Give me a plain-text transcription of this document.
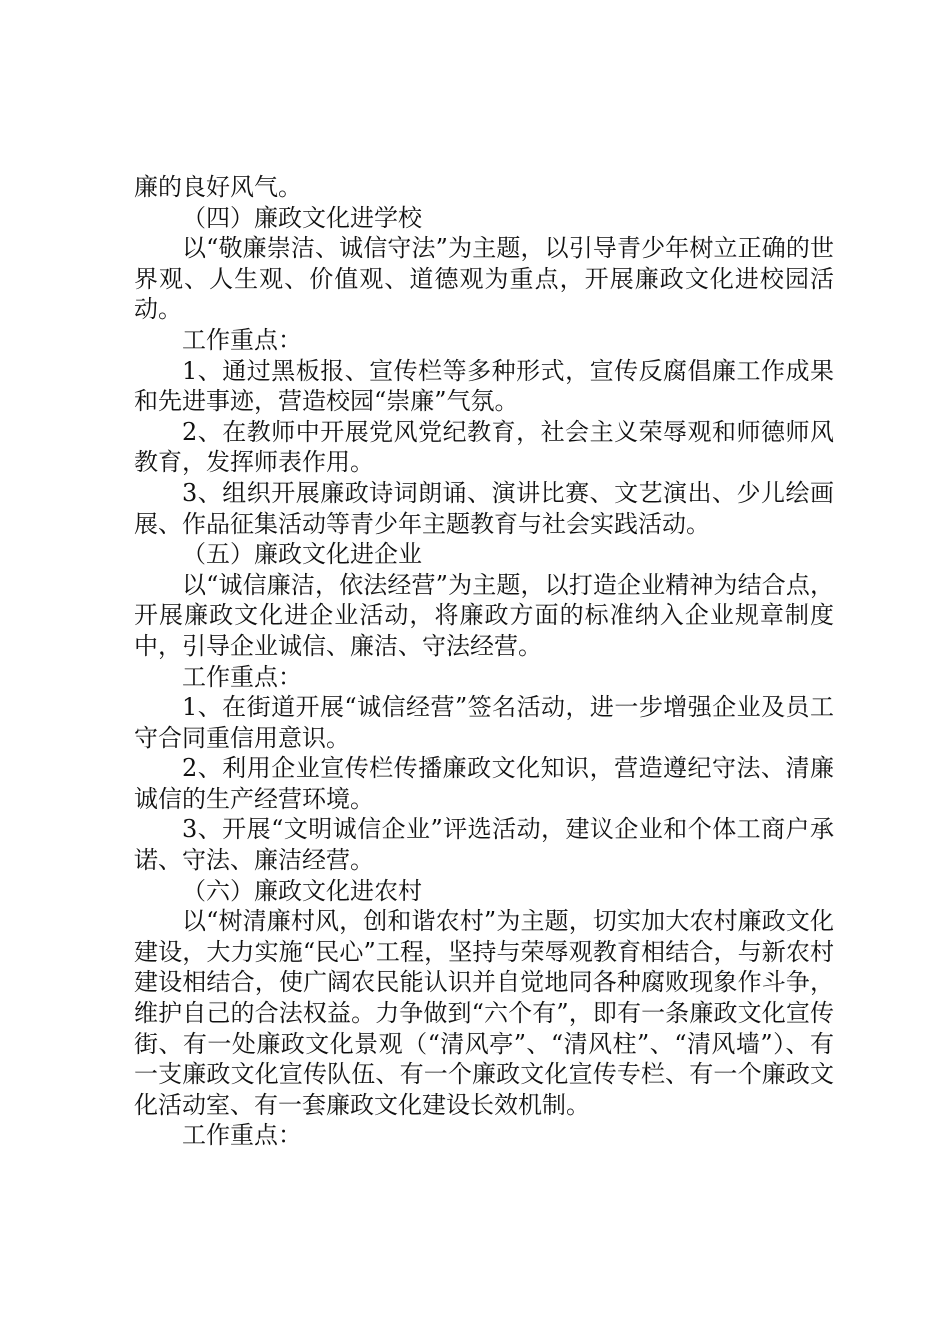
廉的良好风气。

（四）廉政文化进学校

以“敬廉崇洁、诚信守法”为主题，以引导青少年树立正确的世界观、人生观、价值观、道德观为重点，开展廉政文化进校园活动。

工作重点：

1、通过黑板报、宣传栏等多种形式，宣传反腐倡廉工作成果和先进事迹，营造校园“崇廉”气氛。

2、在教师中开展党风党纪教育，社会主义荣辱观和师德师风教育，发挥师表作用。

3、组织开展廉政诗词朗诵、演讲比赛、文艺演出、少儿绘画展、作品征集活动等青少年主题教育与社会实践活动。

（五）廉政文化进企业

以“诚信廉洁，依法经营”为主题，以打造企业精神为结合点，开展廉政文化进企业活动，将廉政方面的标准纳入企业规章制度中，引导企业诚信、廉洁、守法经营。

工作重点：

1、在街道开展“诚信经营”签名活动，进一步增强企业及员工守合同重信用意识。

2、利用企业宣传栏传播廉政文化知识，营造遵纪守法、清廉诚信的生产经营环境。

3、开展“文明诚信企业”评选活动，建议企业和个体工商户承诺、守法、廉洁经营。

（六）廉政文化进农村

以“树清廉村风，创和谐农村”为主题，切实加大农村廉政文化建设，大力实施“民心”工程，坚持与荣辱观教育相结合，与新农村建设相结合，使广阔农民能认识并自觉地同各种腐败现象作斗争，维护自己的合法权益。力争做到“六个有”，即有一条廉政文化宣传街、有一处廉政文化景观（“清风亭”、“清风柱”、“清风墙”）、有一支廉政文化宣传队伍、有一个廉政文化宣传专栏、有一个廉政文化活动室、有一套廉政文化建设长效机制。

工作重点：
